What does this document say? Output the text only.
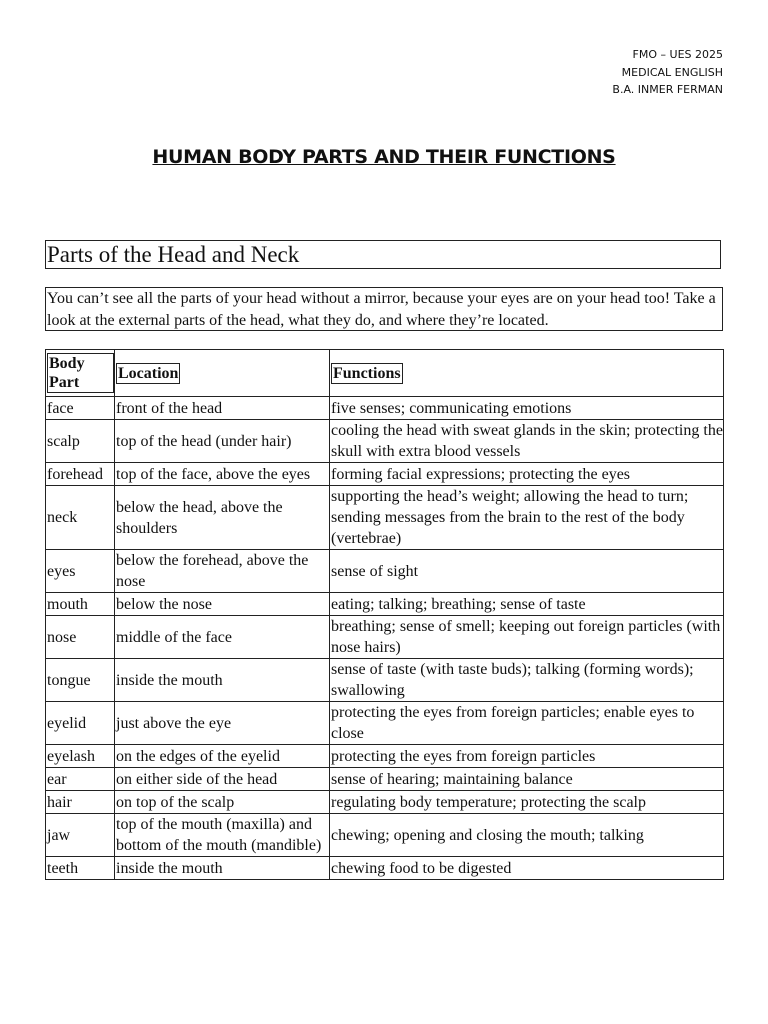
FMO – UES 2025
MEDICAL ENGLISH
B.A. INMER FERMAN
HUMAN BODY PARTS AND THEIR FUNCTIONS
Parts of the Head and Neck
You can’t see all the parts of your head without a mirror, because your eyes are on your head too! Take a look at the external parts of the head, what they do, and where they’re located.
Body Part	Location	Functions
face	front of the head	five senses; communicating emotions
scalp	top of the head (under hair)	cooling the head with sweat glands in the skin; protecting the skull with extra blood vessels
forehead	top of the face, above the eyes	forming facial expressions; protecting the eyes
neck	below the head, above the shoulders	supporting the head’s weight; allowing the head to turn; sending messages from the brain to the rest of the body (vertebrae)
eyes	below the forehead, above the nose	sense of sight
mouth	below the nose	eating; talking; breathing; sense of taste
nose	middle of the face	breathing; sense of smell; keeping out foreign particles (with nose hairs)
tongue	inside the mouth	sense of taste (with taste buds); talking (forming words); swallowing
eyelid	just above the eye	protecting the eyes from foreign particles; enable eyes to close
eyelash	on the edges of the eyelid	protecting the eyes from foreign particles
ear	on either side of the head	sense of hearing; maintaining balance
hair	on top of the scalp	regulating body temperature; protecting the scalp
jaw	top of the mouth (maxilla) and bottom of the mouth (mandible)	chewing; opening and closing the mouth; talking
teeth	inside the mouth	chewing food to be digested
